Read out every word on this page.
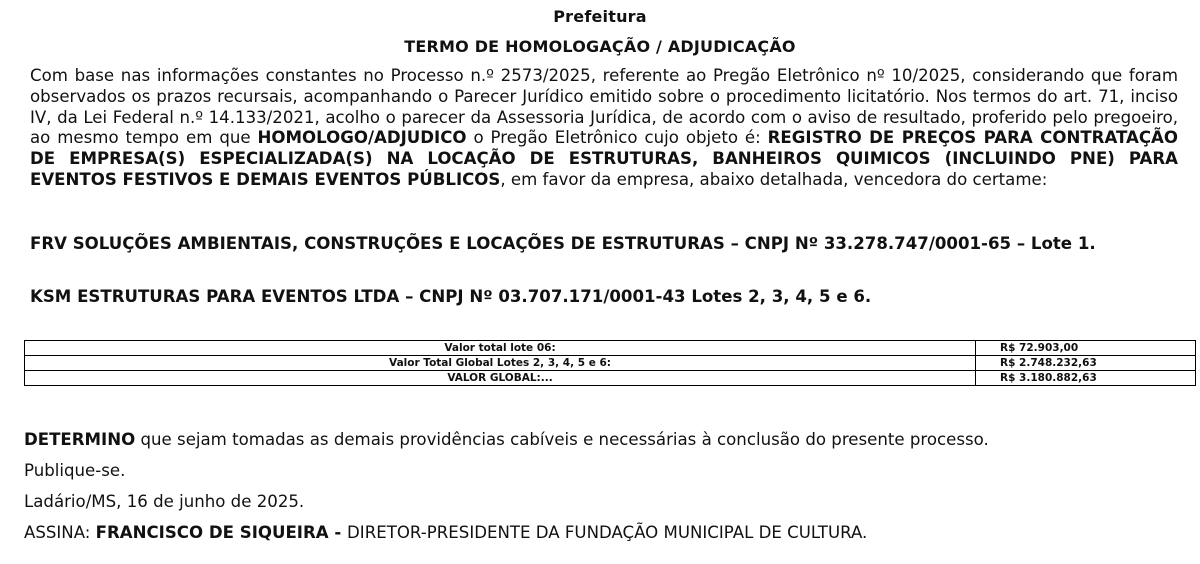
Prefeitura
TERMO DE HOMOLOGAÇÃO / ADJUDICAÇÃO
Com base nas informações constantes no Processo n.º 2573/2025, referente ao Pregão Eletrônico nº 10/2025, considerando que foram observados os prazos recursais, acompanhando o Parecer Jurídico emitido sobre o procedimento licitatório. Nos termos do art. 71, inciso IV, da Lei Federal n.º 14.133/2021, acolho o parecer da Assessoria Jurídica, de acordo com o aviso de resultado, proferido pelo pregoeiro, ao mesmo tempo em que HOMOLOGO/ADJUDICO o Pregão Eletrônico cujo objeto é: REGISTRO DE PREÇOS PARA CONTRATAÇÃO DE EMPRESA(S) ESPECIALIZADA(S) NA LOCAÇÃO DE ESTRUTURAS, BANHEIROS QUIMICOS (INCLUINDO PNE) PARA EVENTOS FESTIVOS E DEMAIS EVENTOS PÚBLICOS, em favor da empresa, abaixo detalhada, vencedora do certame:
FRV SOLUÇÕES AMBIENTAIS, CONSTRUÇÕES E LOCAÇÕES DE ESTRUTURAS – CNPJ Nº 33.278.747/0001-65 – Lote 1.
KSM ESTRUTURAS PARA EVENTOS LTDA – CNPJ Nº 03.707.171/0001-43 Lotes 2, 3, 4, 5 e 6.
Valor total lote 06:	R$ 72.903,00
Valor Total Global Lotes 2, 3, 4, 5 e 6:	R$ 2.748.232,63
VALOR GLOBAL:...	R$ 3.180.882,63
DETERMINO que sejam tomadas as demais providências cabíveis e necessárias à conclusão do presente processo.
Publique-se.
Ladário/MS, 16 de junho de 2025.
ASSINA: FRANCISCO DE SIQUEIRA - DIRETOR-PRESIDENTE DA FUNDAÇÃO MUNICIPAL DE CULTURA.
